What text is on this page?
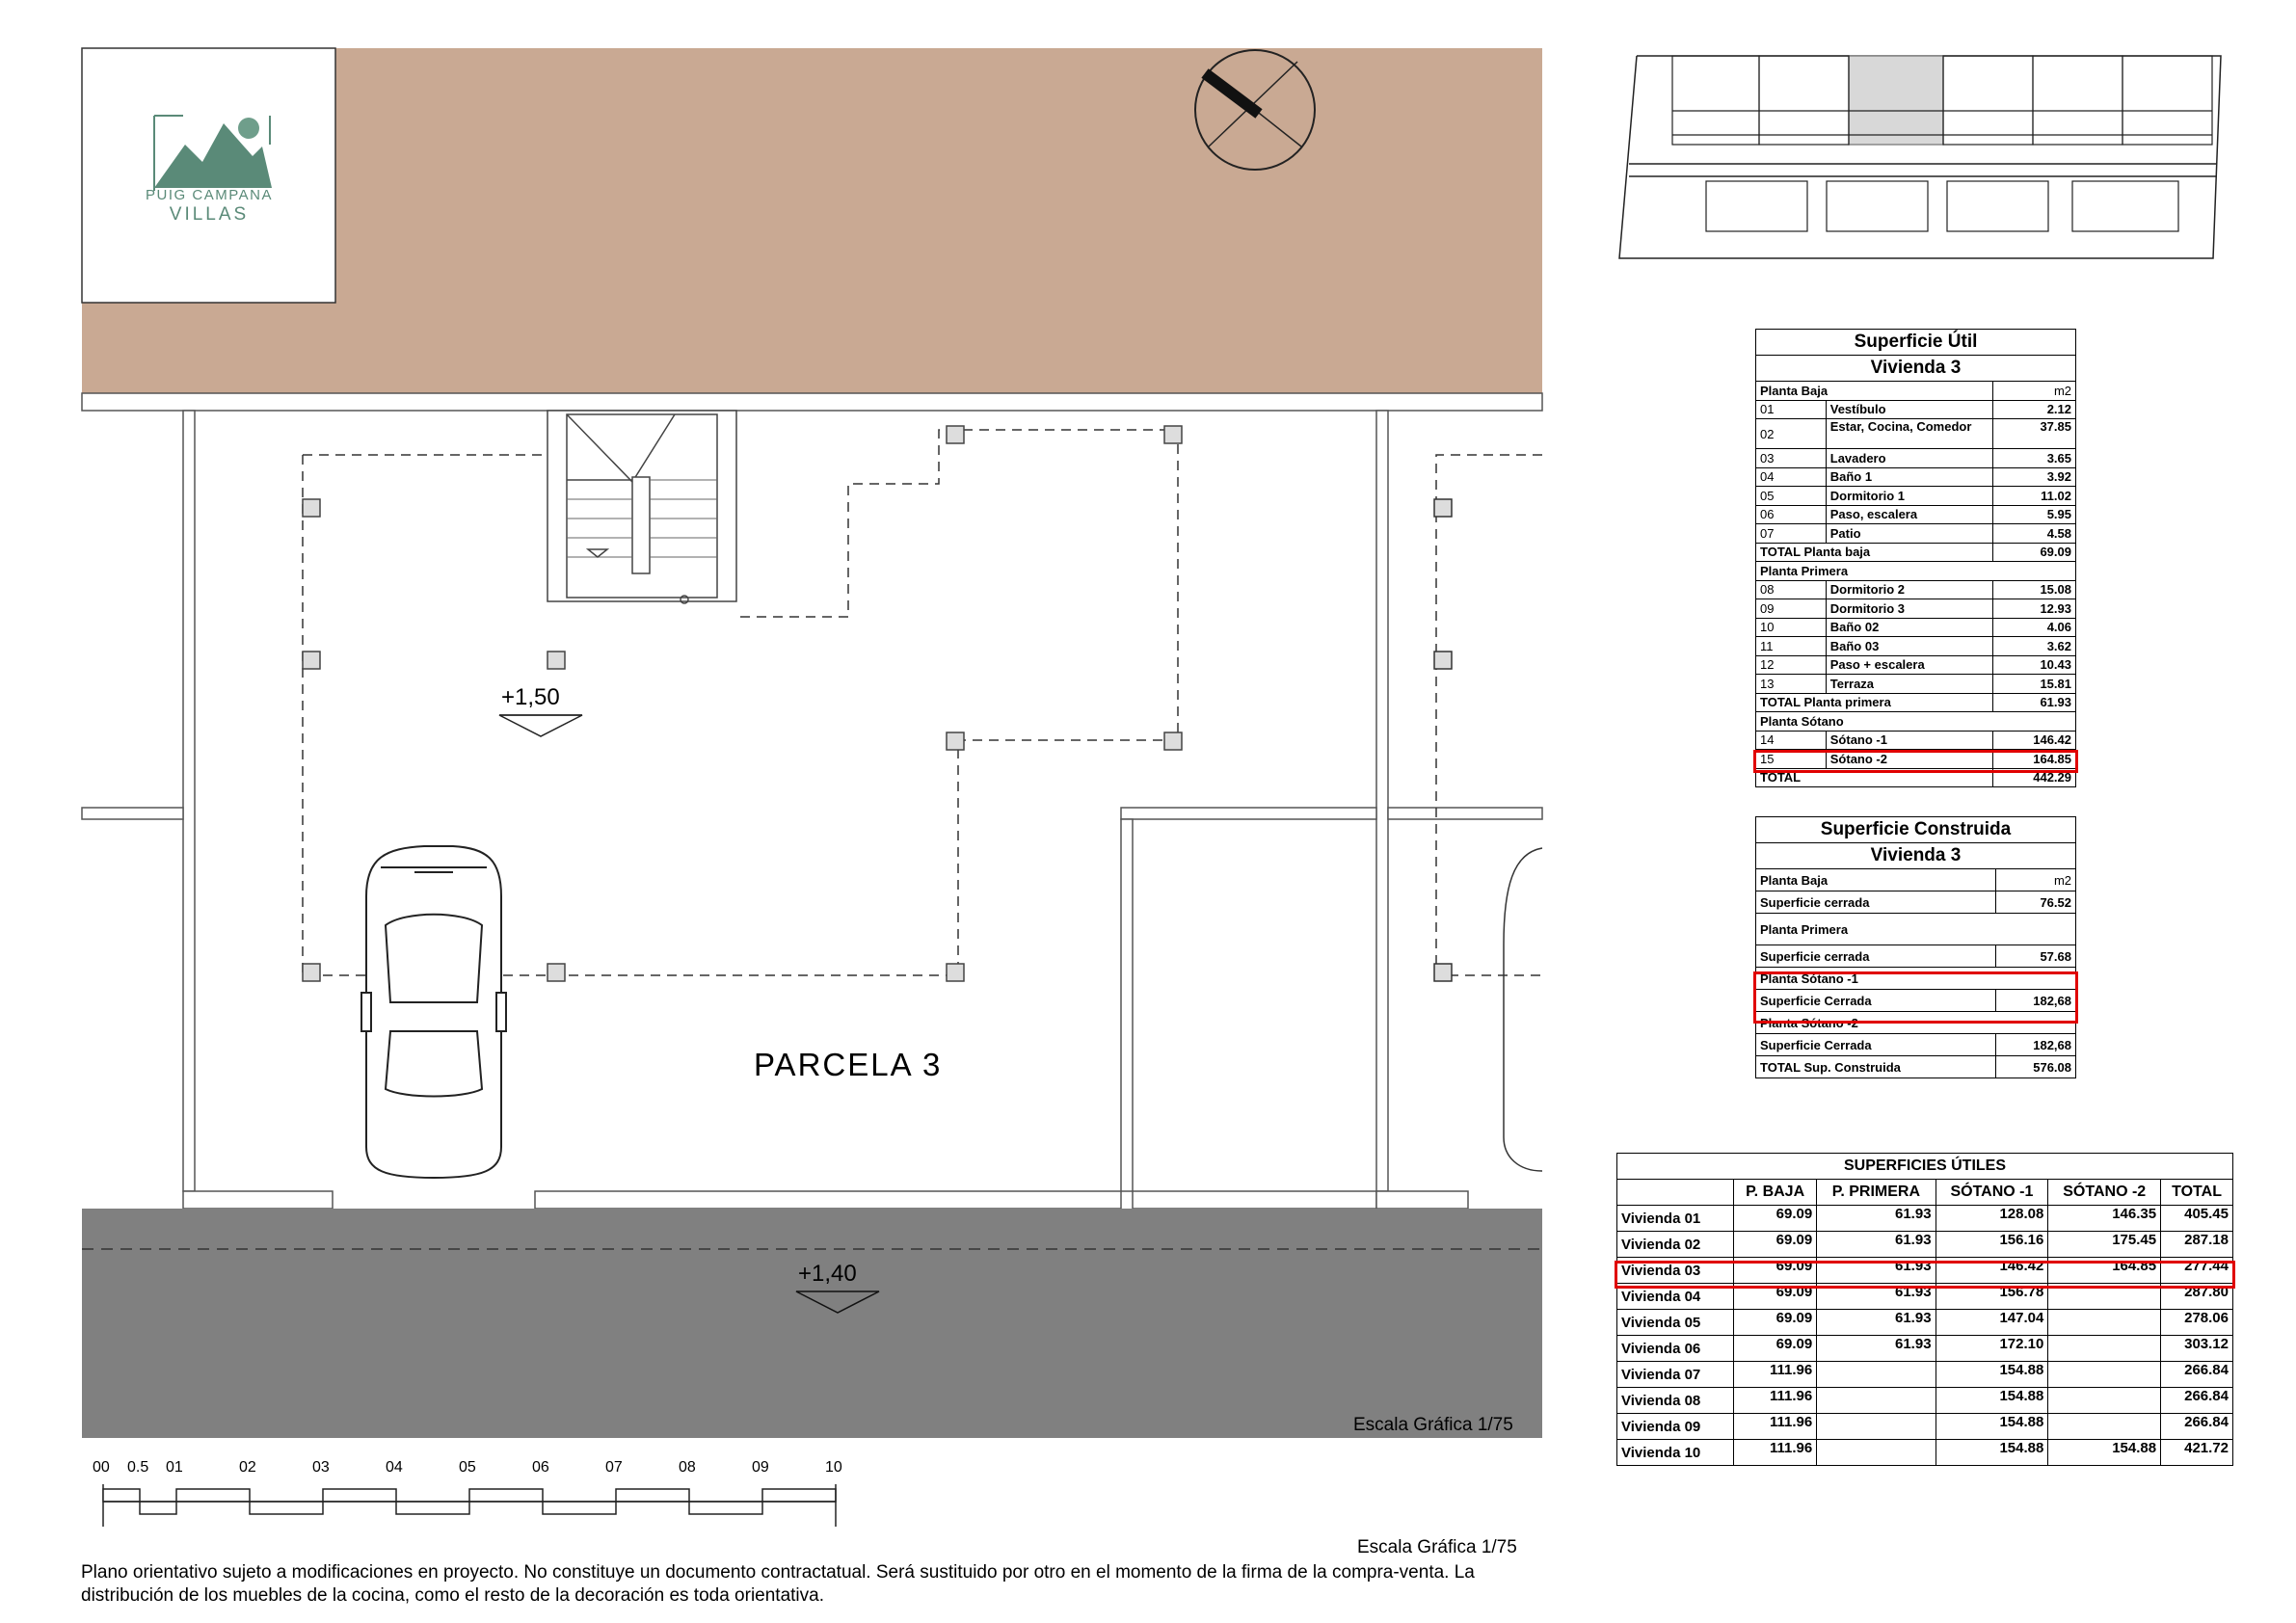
PUIG CAMPANA
VILLAS
+1,50
PARCELA 3
+1,40
Escala Gráfica 1/75
00 0.5 01	02	03	04	05	06	07	08	09	10
Escala Gráfica 1/75
Plano orientativo sujeto a modificaciones en proyecto. No constituye un documento contractatual. Será sustituido por otro en el momento de la firma de la compra-venta. La
distribución de los muebles de la cocina, como el resto de la decoración es toda orientativa.
Superficie Útil		
Vivienda 3		
Planta Baja		m2
01	Vestíbulo	2.12
02	Estar, Cocina, Comedor	37.85
03	Lavadero	3.65
04	Baño 1	3.92
05	Dormitorio 1	11.02
06	Paso, escalera	5.95
07	Patio	4.58
TOTAL Planta baja		69.09
Planta Primera		
08	Dormitorio 2	15.08
09	Dormitorio 3	12.93
10	Baño 02	4.06
11	Baño 03	3.62
12	Paso + escalera	10.43
13	Terraza	15.81
TOTAL Planta primera		61.93
Planta Sótano		
14	Sótano -1	146.42
15	Sótano -2	164.85
TOTAL		442.29
Superficie Construida	
Vivienda 3	
Planta Baja	m2
Superficie cerrada	76.52
Planta Primera	
Superficie cerrada	57.68
Planta Sótano -1	
Superficie Cerrada	182,68
Planta Sótano -2	
Superficie Cerrada	182,68
TOTAL Sup. Construida	576.08
SUPERFICIES ÚTILES					
	P. BAJA	P. PRIMERA	SÓTANO -1	SÓTANO -2	TOTAL
Vivienda 01	69.09	61.93	128.08	146.35	405.45
Vivienda 02	69.09	61.93	156.16	175.45	287.18
Vivienda 03	69.09	61.93	146.42	164.85	277.44
Vivienda 04	69.09	61.93	156.78		287.80
Vivienda 05	69.09	61.93	147.04		278.06
Vivienda 06	69.09	61.93	172.10		303.12
Vivienda 07	111.96		154.88		266.84
Vivienda 08	111.96		154.88		266.84
Vivienda 09	111.96		154.88		266.84
Vivienda 10	111.96		154.88	154.88	421.72
